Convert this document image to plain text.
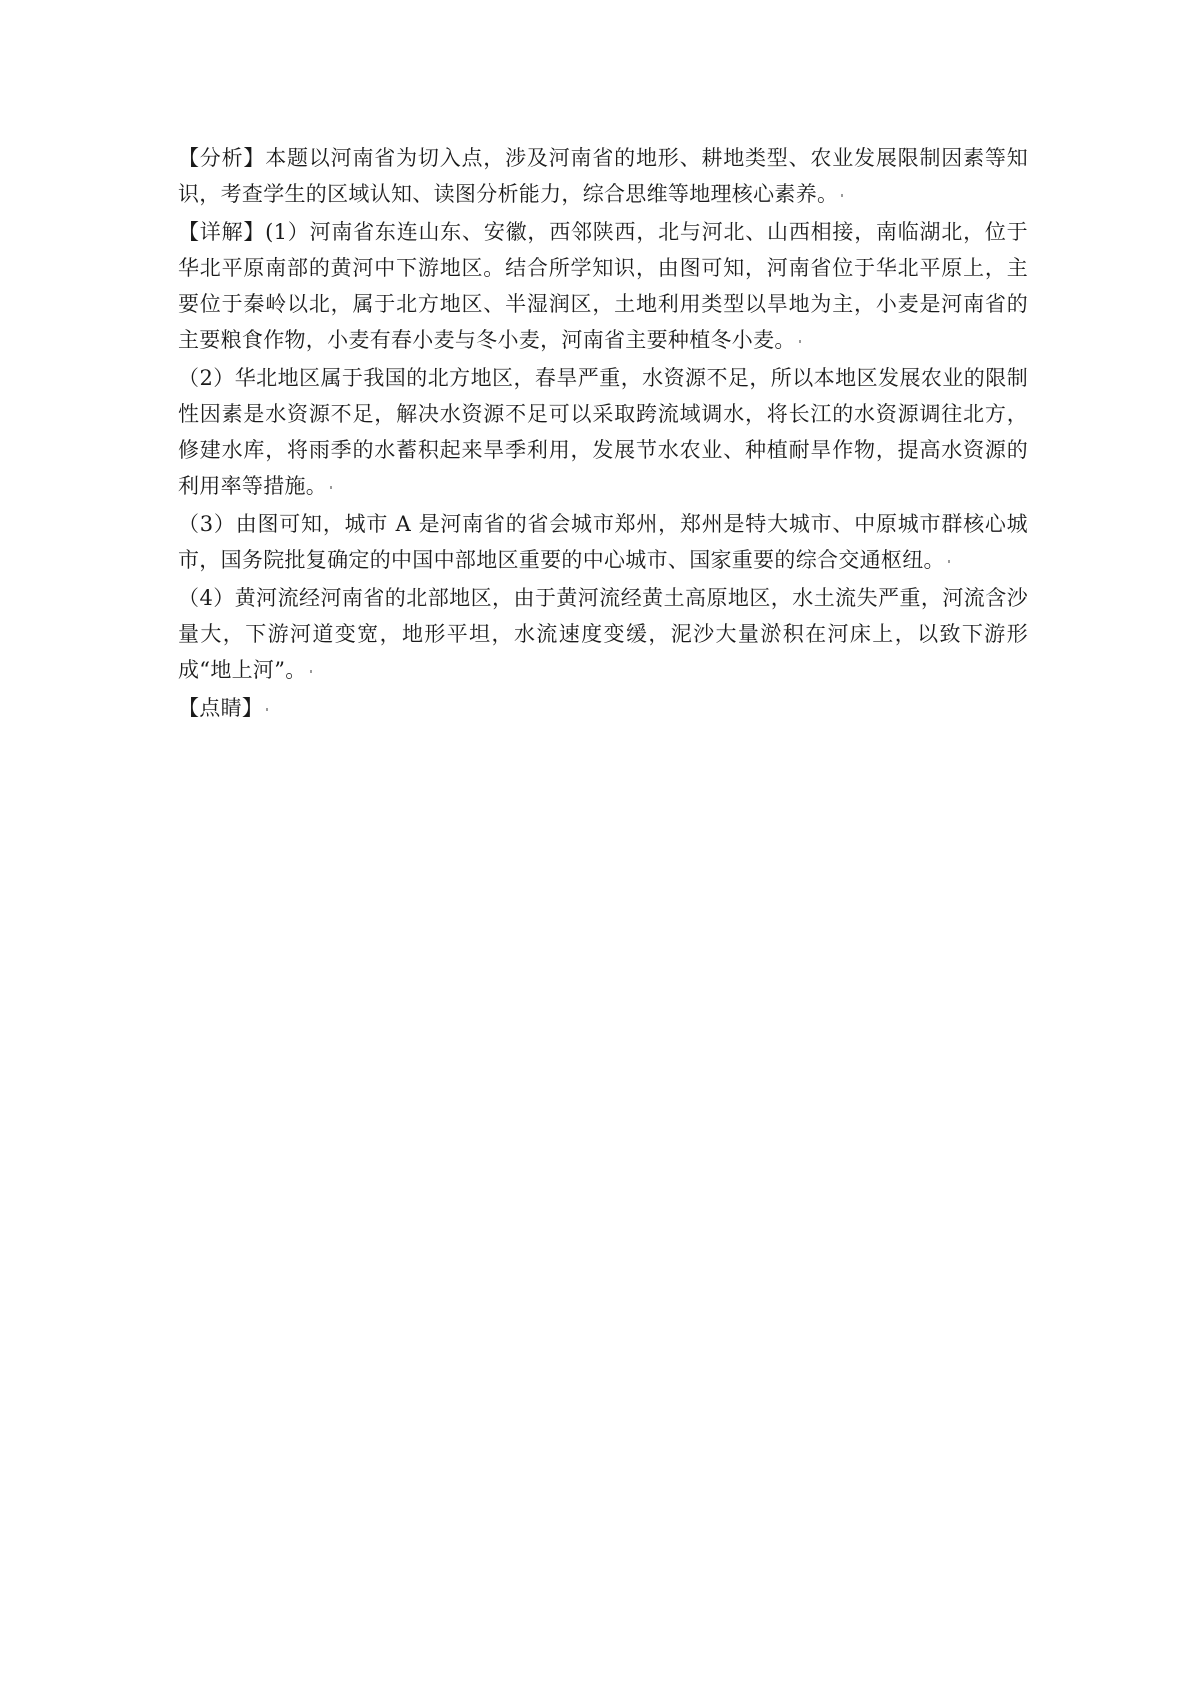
【分析】本题以河南省为切入点，涉及河南省的地形、耕地类型、农业发展限制因素等知识，考查学生的区域认知、读图分析能力，综合思维等地理核心素养。

【详解】(1）河南省东连山东、安徽，西邻陕西，北与河北、山西相接，南临湖北，位于华北平原南部的黄河中下游地区。结合所学知识，由图可知，河南省位于华北平原上，主要位于秦岭以北，属于北方地区、半湿润区，土地利用类型以旱地为主，小麦是河南省的主要粮食作物，小麦有春小麦与冬小麦，河南省主要种植冬小麦。

（2）华北地区属于我国的北方地区，春旱严重，水资源不足，所以本地区发展农业的限制性因素是水资源不足，解决水资源不足可以采取跨流域调水，将长江的水资源调往北方，修建水库，将雨季的水蓄积起来旱季利用，发展节水农业、种植耐旱作物，提高水资源的利用率等措施。

（3）由图可知，城市 A 是河南省的省会城市郑州，郑州是特大城市、中原城市群核心城市，国务院批复确定的中国中部地区重要的中心城市、国家重要的综合交通枢纽。

（4）黄河流经河南省的北部地区，由于黄河流经黄土高原地区，水土流失严重，河流含沙量大，下游河道变宽，地形平坦，水流速度变缓，泥沙大量淤积在河床上，以致下游形成“地上河”。

【点睛】
